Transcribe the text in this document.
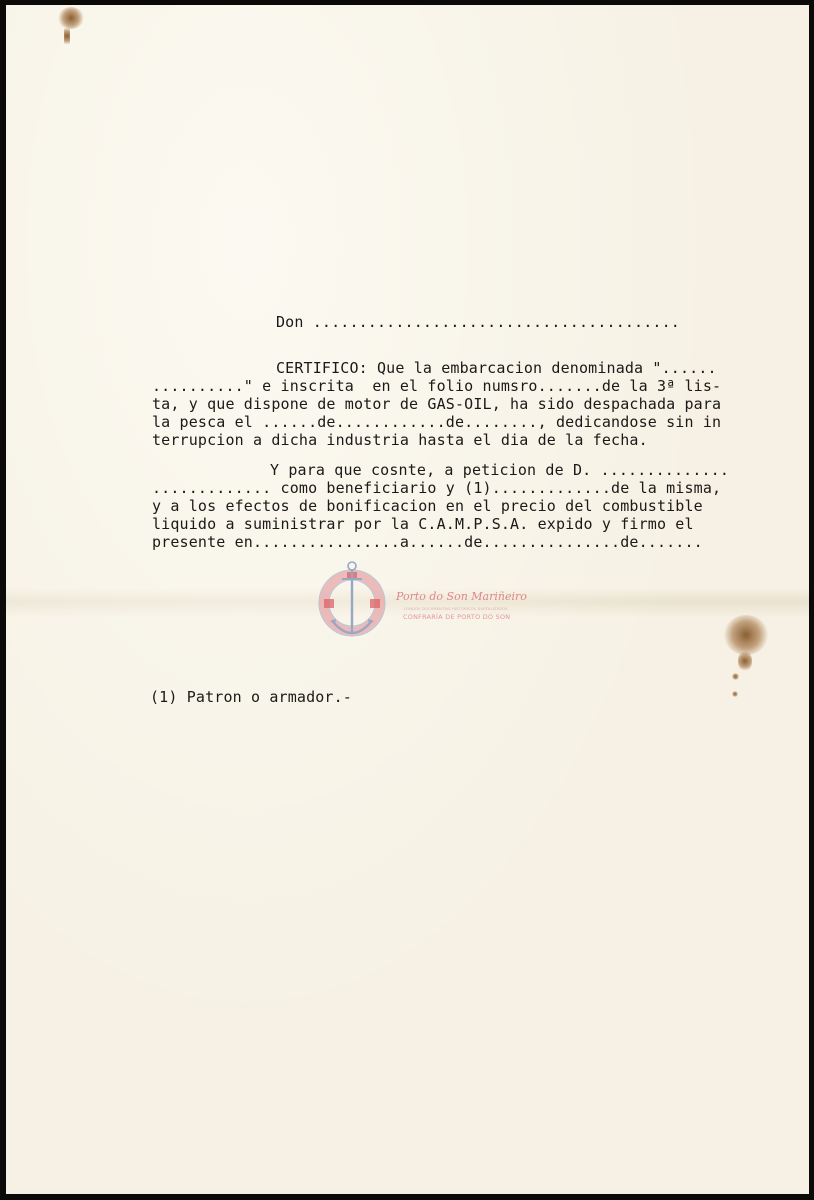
Don ........................................
CERTIFICO: Que la embarcacion denominada "......
.........." e inscrita  en el folio numsro.......de la 3ª lis-
ta, y que dispone de motor de GAS-OIL, ha sido despachada para
la pesca el ......de............de........, dedicandose sin in
terrupcion a dicha industria hasta el dia de la fecha.
Y para que cosnte, a peticion de D. ..............
............. como beneficiario y (1).............de la misma,
y a los efectos de bonificacion en el precio del combustible
liquido a suministrar por la C.A.M.P.S.A. expido y firmo el
presente en................a......de...............de.......
(1) Patron o armador.-
Porto do Son Mariñeiro
FONDOS DOCUMENTAIS HISTÓRICOS DIXITALIZADOS
CONFRARÍA DE PORTO DO SON
